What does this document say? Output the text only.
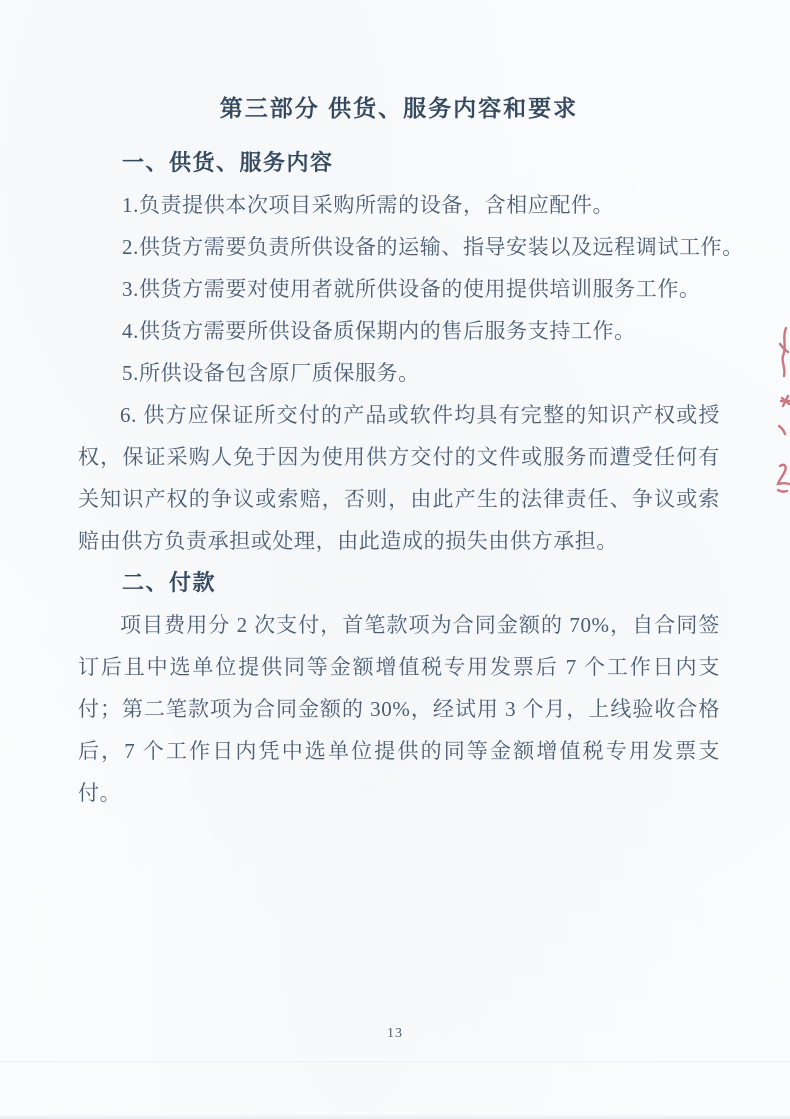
第三部分 供货、服务内容和要求
一、供货、服务内容
1.负责提供本次项目采购所需的设备，含相应配件。
2.供货方需要负责所供设备的运输、指导安装以及远程调试工作。
3.供货方需要对使用者就所供设备的使用提供培训服务工作。
4.供货方需要所供设备质保期内的售后服务支持工作。
5.所供设备包含原厂质保服务。
6. 供方应保证所交付的产品或软件均具有完整的知识产权或授权，保证采购人免于因为使用供方交付的文件或服务而遭受任何有关知识产权的争议或索赔，否则，由此产生的法律责任、争议或索赔由供方负责承担或处理，由此造成的损失由供方承担。
二、付款
项目费用分 2 次支付，首笔款项为合同金额的 70%，自合同签订后且中选单位提供同等金额增值税专用发票后 7 个工作日内支付；第二笔款项为合同金额的 30%，经试用 3 个月，上线验收合格后，7 个工作日内凭中选单位提供的同等金额增值税专用发票支付。
13
